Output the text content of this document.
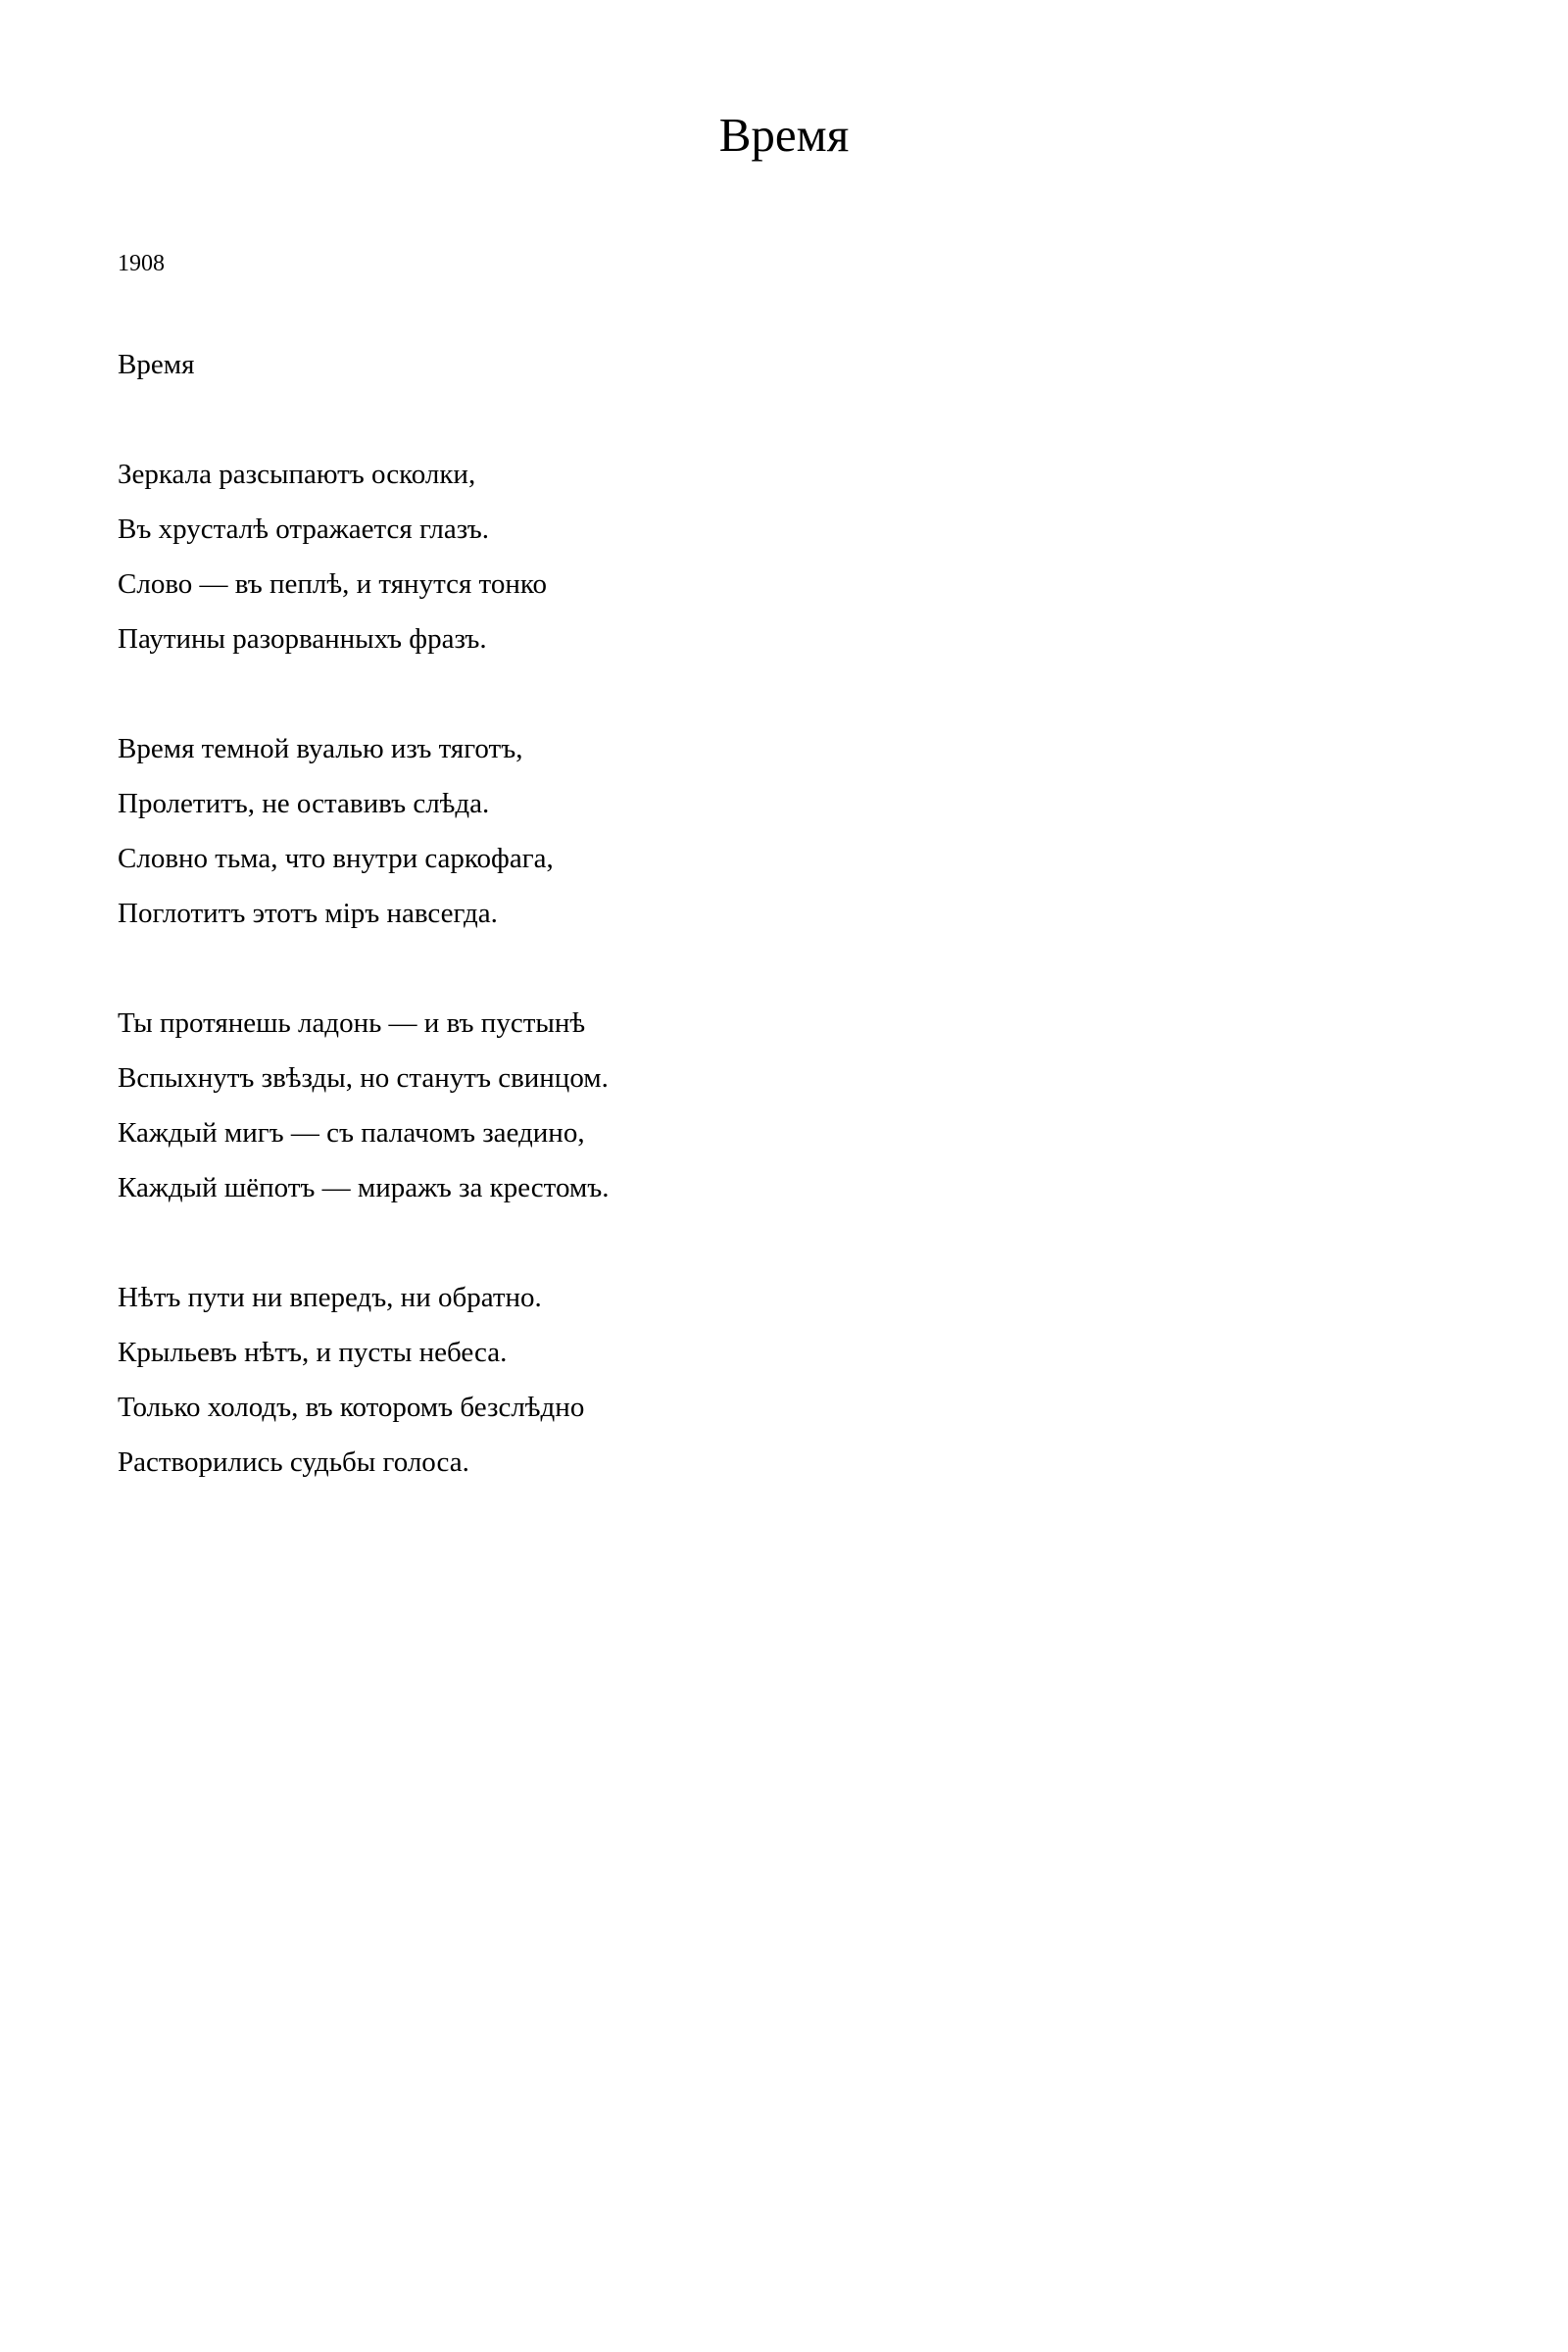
Время
1908
Время
Зеркала разсыпаютъ осколки,
Въ хрусталѣ отражается глазъ.
Слово — въ пеплѣ, и тянутся тонко
Паутины разорванныхъ фразъ.
Время темной вуалью изъ тяготъ,
Пролетитъ, не оставивъ слѣда.
Словно тьма, что внутри саркофага,
Поглотитъ этотъ міръ навсегда.
Ты протянешь ладонь — и въ пустынѣ
Вспыхнутъ звѣзды, но станутъ свинцом.
Каждый мигъ — съ палачомъ заедино,
Каждый шёпотъ — миражъ за крестомъ.
Нѣтъ пути ни впередъ, ни обратно.
Крыльевъ нѣтъ, и пусты небеса.
Только холодъ, въ которомъ безслѣдно
Растворились судьбы голоса.
